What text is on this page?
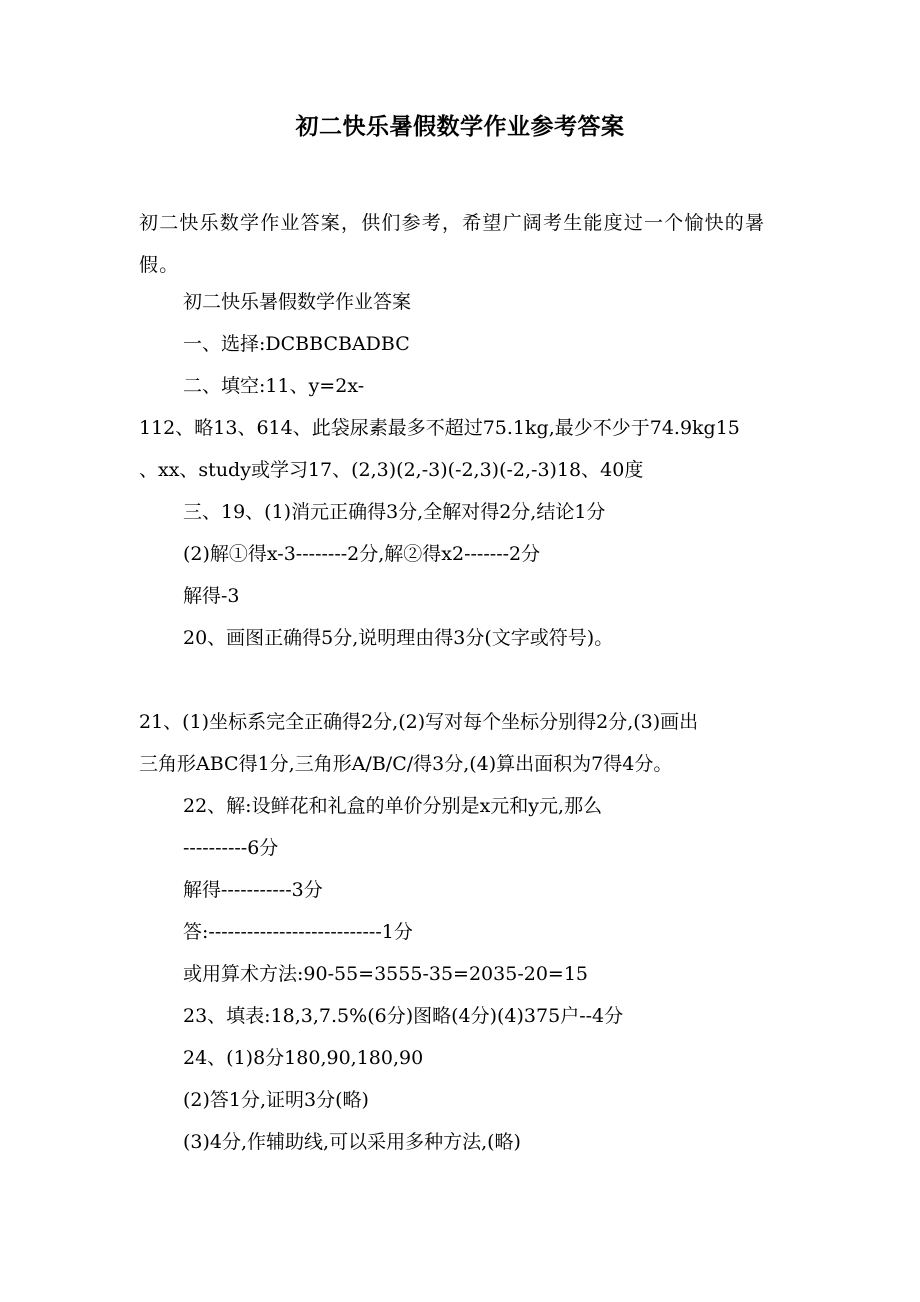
初二快乐暑假数学作业参考答案
初二快乐数学作业答案，供们参考，希望广阔考生能度过一个愉快的暑假。
初二快乐暑假数学作业答案
一、选择:DCBBCBADBC
二、填空:11、y=2x-
112、略13、614、此袋尿素最多不超过75.1kg,最少不少于74.9kg15
、xx、study或学习17、(2,3)(2,-3)(-2,3)(-2,-3)18、40度
三、19、(1)消元正确得3分,全解对得2分,结论1分
(2)解①得x-3--------2分,解②得x2-------2分
解得-3
20、画图正确得5分,说明理由得3分(文字或符号)。
21、(1)坐标系完全正确得2分,(2)写对每个坐标分别得2分,(3)画出
三角形ABC得1分,三角形A/B/C/得3分,(4)算出面积为7得4分。
22、解:设鲜花和礼盒的单价分别是x元和y元,那么
----------6分
解得-----------3分
答:---------------------------1分
或用算术方法:90-55=3555-35=2035-20=15
23、填表:18,3,7.5%(6分)图略(4分)(4)375户--4分
24、(1)8分180,90,180,90
(2)答1分,证明3分(略)
(3)4分,作辅助线,可以采用多种方法,(略)
